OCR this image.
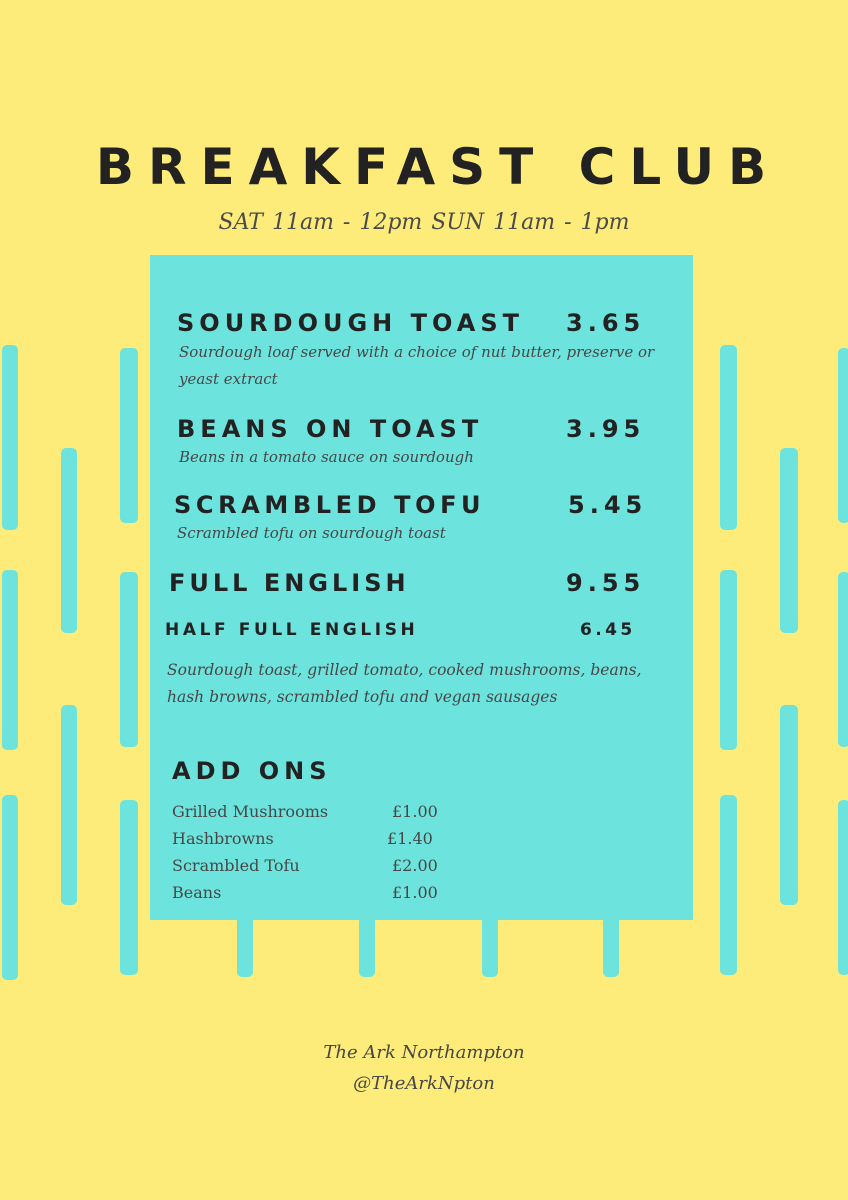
BREAKFAST CLUB
SAT 11am - 12pm SUN 11am - 1pm
SOURDOUGH TOAST 3.65
Sourdough loaf served with a choice of nut butter, preserve or yeast extract
BEANS ON TOAST	3.95
Beans in a tomato sauce on sourdough
SCRAMBLED TOFU	5.45
Scrambled tofu on sourdough toast
FULL ENGLISH	9.55
HALF FULL ENGLISH	6.45
Sourdough toast, grilled tomato, cooked mushrooms, beans, hash browns, scrambled tofu and vegan sausages
ADD ONS
Grilled Mushrooms	£1.00
Hashbrowns	£1.40
Scrambled Tofu	£2.00
Beans	£1.00
The Ark Northampton
@TheArkNpton
